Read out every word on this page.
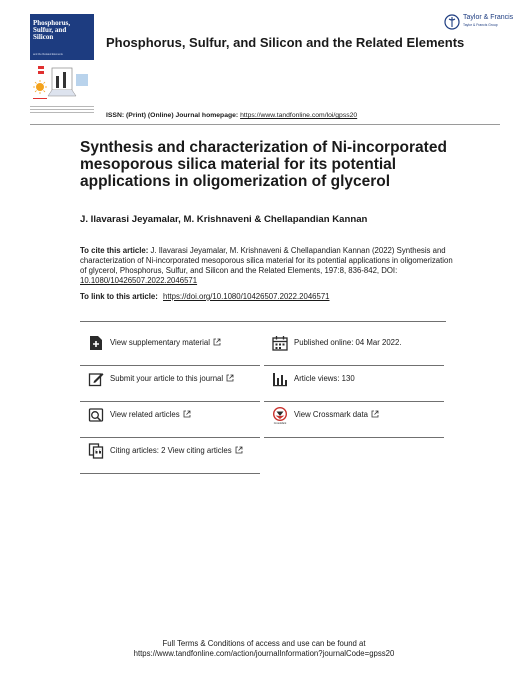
Phosphorus,
Sulfur, and
Silicon
and the Related Elements
Phosphorus, Sulfur, and Silicon and the Related Elements
Taylor & Francis
Taylor & Francis Group
ISSN: (Print) (Online) Journal homepage: https://www.tandfonline.com/loi/gpss20
Synthesis and characterization of Ni-incorporated mesoporous silica material for its potential applications in oligomerization of glycerol
J. Ilavarasi Jeyamalar, M. Krishnaveni & Chellapandian Kannan
To cite this article: J. Ilavarasi Jeyamalar, M. Krishnaveni & Chellapandian Kannan (2022) Synthesis and characterization of Ni-incorporated mesoporous silica material for its potential applications in oligomerization of glycerol, Phosphorus, Sulfur, and Silicon and the Related Elements, 197:8, 836-842, DOI: 10.1080/10426507.2022.2046571
To link to this article: https://doi.org/10.1080/10426507.2022.2046571
View supplementary material	Published online: 04 Mar 2022.
Submit your article to this journal	Article views: 130
View related articles
CrossMark
View Crossmark data
Citing articles: 2 View citing articles
Full Terms & Conditions of access and use can be found at
https://www.tandfonline.com/action/journalInformation?journalCode=gpss20
